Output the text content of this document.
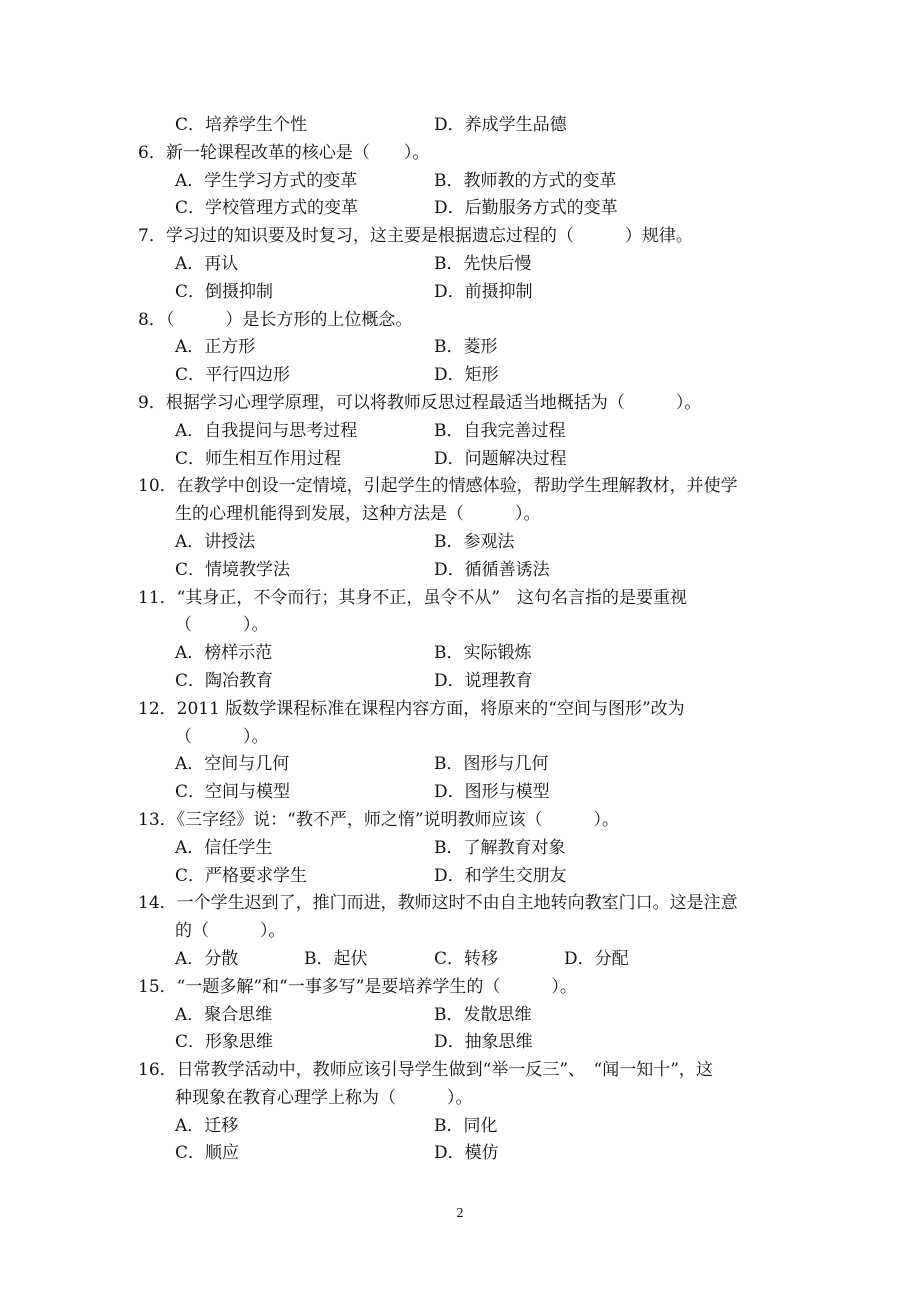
C．培养学生个性	D．养成学生品德
6．新一轮课程改革的核心是（　　）。
A．学生学习方式的变革	B．教师教的方式的变革
C．学校管理方式的变革	D．后勤服务方式的变革
7．学习过的知识要及时复习，这主要是根据遗忘过程的（　　　）规律。
A．再认	B．先快后慢
C．倒摄抑制	D．前摄抑制
8．（　　　）是长方形的上位概念。
A．正方形	B．菱形
C．平行四边形	D．矩形
9．根据学习心理学原理，可以将教师反思过程最适当地概括为（　　　）。
A．自我提问与思考过程	B．自我完善过程
C．师生相互作用过程	D．问题解决过程
10．在教学中创设一定情境，引起学生的情感体验，帮助学生理解教材，并使学
生的心理机能得到发展，这种方法是（　　　）。
A．讲授法	B．参观法
C．情境教学法	D．循循善诱法
11．“其身正，不令而行；其身不正，虽令不从”　这句名言指的是要重视
（　　　）。
A．榜样示范	B．实际锻炼
C．陶冶教育	D．说理教育
12．2011 版数学课程标准在课程内容方面，将原来的“空间与图形”改为
（　　　）。
A．空间与几何	B．图形与几何
C．空间与模型	D．图形与模型
13．《三字经》说：“教不严，师之惰”说明教师应该（　　　）。
A．信任学生	B．了解教育对象
C．严格要求学生	D．和学生交朋友
14．一个学生迟到了，推门而进，教师这时不由自主地转向教室门口。这是注意
的（　　　）。
A．分散	B．起伏	C．转移	D．分配
15．“一题多解”和“一事多写”是要培养学生的（　　　）。
A．聚合思维	B．发散思维
C．形象思维	D．抽象思维
16．日常教学活动中，教师应该引导学生做到“举一反三”、　“闻一知十”，这
种现象在教育心理学上称为（　　　）。
A．迁移	B．同化
C．顺应	D．模仿
2
